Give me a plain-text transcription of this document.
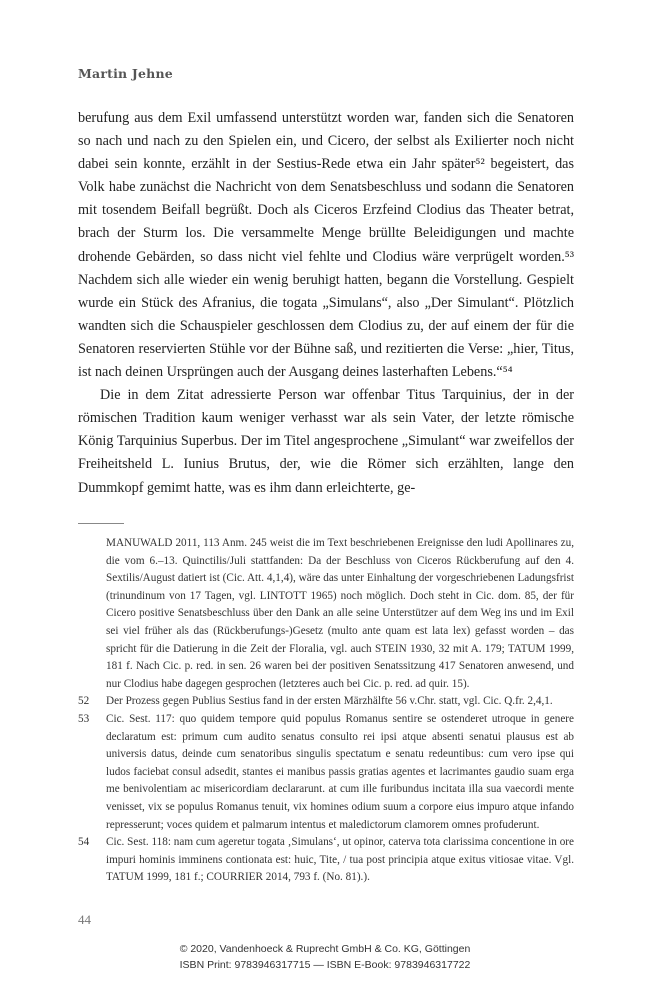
Martin Jehne

berufung aus dem Exil umfassend unterstützt worden war, fanden sich die Senatoren so nach und nach zu den Spielen ein, und Cicero, der selbst als Exilierter noch nicht dabei sein konnte, erzählt in der Sestius-Rede etwa ein Jahr später⁵² begeistert, das Volk habe zunächst die Nachricht von dem Senatsbeschluss und sodann die Senatoren mit tosendem Beifall begrüßt. Doch als Ciceros Erzfeind Clodius das Theater betrat, brach der Sturm los. Die versammelte Menge brüllte Beleidigungen und machte drohende Gebärden, so dass nicht viel fehlte und Clodius wäre verprügelt worden.⁵³ Nachdem sich alle wieder ein wenig beruhigt hatten, begann die Vorstellung. Gespielt wurde ein Stück des Afranius, die togata „Simulans“, also „Der Simulant“. Plötzlich wandten sich die Schauspieler geschlossen dem Clodius zu, der auf einem der für die Senatoren reservierten Stühle vor der Bühne saß, und rezitierten die Verse: „hier, Titus, ist nach deinen Ursprüngen auch der Ausgang deines lasterhaften Lebens.“⁵⁴

Die in dem Zitat adressierte Person war offenbar Titus Tarquinius, der in der römischen Tradition kaum weniger verhasst war als sein Vater, der letzte römische König Tarquinius Superbus. Der im Titel angesprochene „Simulant“ war zweifellos der Freiheitsheld L. Iunius Brutus, der, wie die Römer sich erzählten, lange den Dummkopf gemimt hatte, was es ihm dann erleichterte, ge-

MANUWALD 2011, 113 Anm. 245 weist die im Text beschriebenen Ereignisse den ludi Apollinares zu, die vom 6.–13. Quinctilis/Juli stattfanden: Da der Beschluss von Ciceros Rückberufung auf den 4. Sextilis/August datiert ist (Cic. Att. 4,1,4), wäre das unter Einhaltung der vorgeschriebenen Ladungsfrist (trinundinum von 17 Tagen, vgl. LINTOTT 1965) noch möglich. Doch steht in Cic. dom. 85, der für Cicero positive Senatsbeschluss über den Dank an alle seine Unterstützer auf dem Weg ins und im Exil sei viel früher als das (Rückberufungs-)Gesetz (multo ante quam est lata lex) gefasst worden – das spricht für die Datierung in die Zeit der Floralia, vgl. auch STEIN 1930, 32 mit A. 179; TATUM 1999, 181 f. Nach Cic. p. red. in sen. 26 waren bei der positiven Senatssitzung 417 Senatoren anwesend, und nur Clodius habe dagegen gesprochen (letzteres auch bei Cic. p. red. ad quir. 15).
52	Der Prozess gegen Publius Sestius fand in der ersten Märzhälfte 56 v.Chr. statt, vgl. Cic. Q.fr. 2,4,1.
53	Cic. Sest. 117: quo quidem tempore quid populus Romanus sentire se ostenderet utroque in genere declaratum est: primum cum audito senatus consulto rei ipsi atque absenti senatui plausus est ab universis datus, deinde cum senatoribus singulis spectatum e senatu redeuntibus: cum vero ipse qui ludos faciebat consul adsedit, stantes ei manibus passis gratias agentes et lacrimantes gaudio suam erga me benivolentiam ac misericordiam declararunt. at cum ille furibundus incitata illa sua vaecordi mente venisset, vix se populus Romanus tenuit, vix homines odium suum a corpore eius impuro atque infando represserunt; voces quidem et palmarum intentus et maledictorum clamorem omnes profuderunt.
54	Cic. Sest. 118: nam cum ageretur togata ‚Simulans‘, ut opinor, caterva tota clarissima concentione in ore impuri hominis imminens contionata est: huic, Tite, / tua post principia atque exitus vitiosae vitae. Vgl. TATUM 1999, 181 f.; COURRIER 2014, 793 f. (No. 81).).
44
© 2020, Vandenhoeck & Ruprecht GmbH & Co. KG, Göttingen
ISBN Print: 9783946317715 — ISBN E-Book: 9783946317722
